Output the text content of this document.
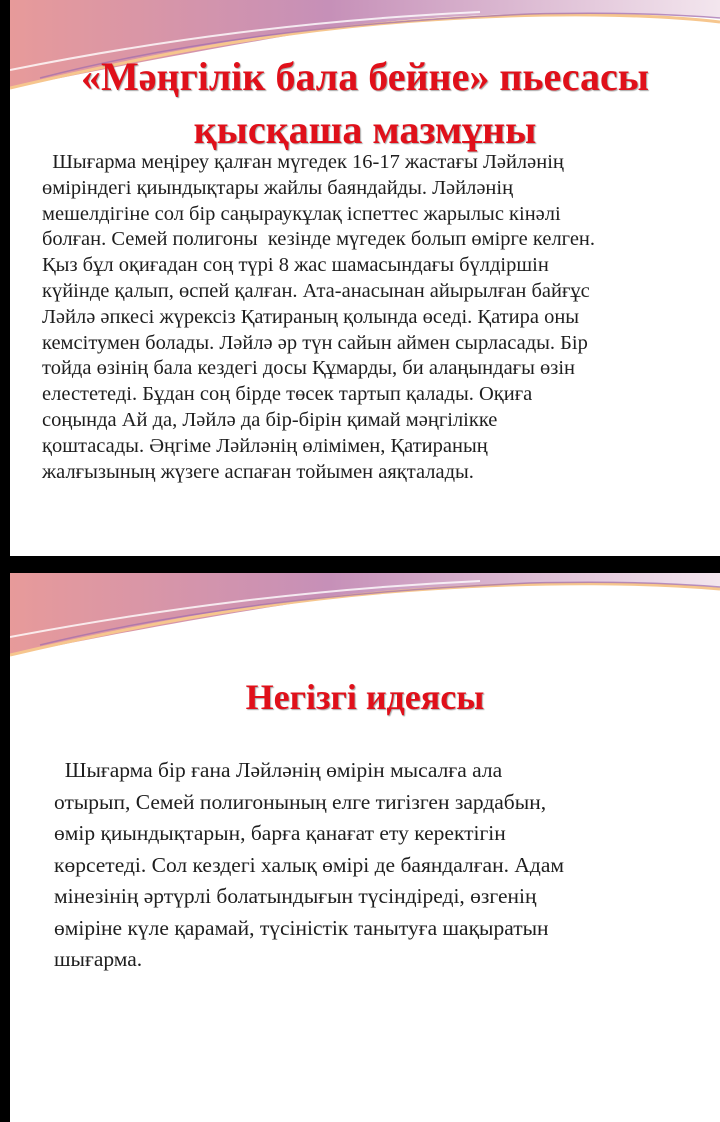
«Мәңгілік бала бейне» пьесасы
қысқаша мазмұны

Шығарма меңіреу қалған мүгедек 16-17 жастағы Ләйләнің
өміріндегі қиындықтары жайлы баяндайды. Ләйләнің
мешелдігіне сол бір саңыраукұлақ іспеттес жарылыс кінәлі
болған. Семей полигоны  кезінде мүгедек болып өмірге келген.
Қыз бұл оқиғадан соң түрі 8 жас шамасындағы бүлдіршін
күйінде қалып, өспей қалған. Ата-анасынан айырылған байғұс
Ләйлә әпкесі жүрексіз Қатираның қолында өседі. Қатира оны
кемсітумен болады. Ләйлә әр түн сайын аймен сырласады. Бір
тойда өзінің бала кездегі досы Құмарды, би алаңындағы өзін
елестетеді. Бұдан соң бірде төсек тартып қалады. Оқиға
соңында Ай да, Ләйлә да бір-бірін қимай мәңгілікке
қоштасады. Әңгіме Ләйләнің өлімімен, Қатираның
жалғызының жүзеге аспаған тойымен аяқталады.

Негізгі идеясы

Шығарма бір ғана Ләйләнің өмірін мысалға ала
отырып, Семей полигонының елге тигізген зардабын,
өмір қиындықтарын, барға қанағат ету керектігін
көрсетеді. Сол кездегі халық өмірі де баяндалған. Адам
мінезінің әртүрлі болатындығын түсіндіреді, өзгенің
өміріне күле қарамай, түсіністік танытуға шақыратын
шығарма.
